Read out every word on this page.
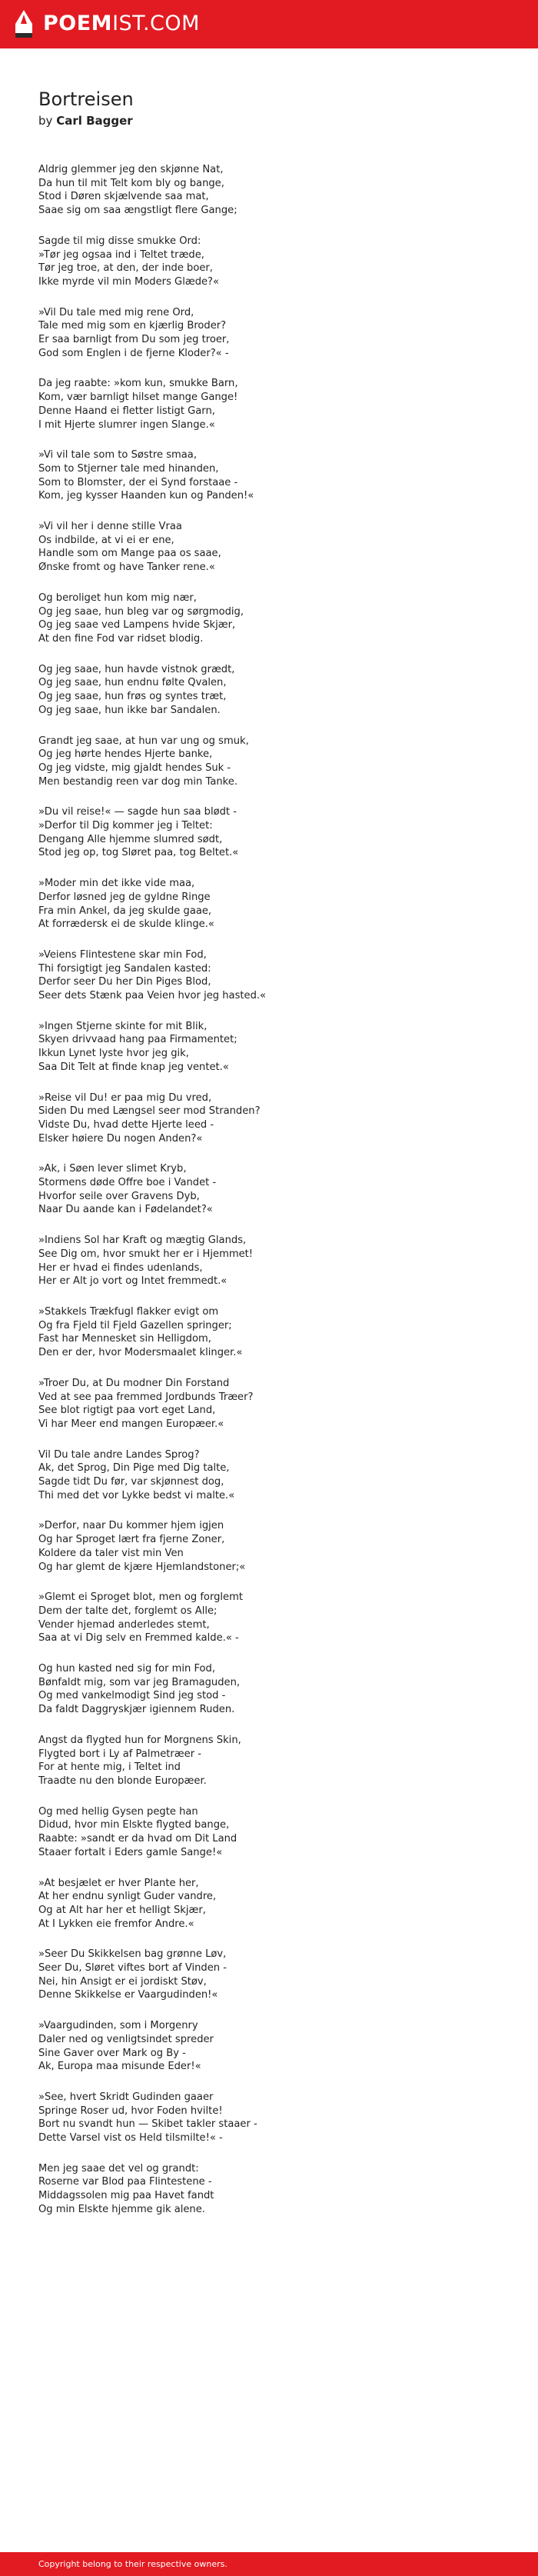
POEMIST.COM
Bortreisen
by Carl Bagger
Aldrig glemmer jeg den skjønne Nat,
Da hun til mit Telt kom bly og bange,
Stod i Døren skjælvende saa mat,
Saae sig om saa ængstligt flere Gange;
Sagde til mig disse smukke Ord:
»Tør jeg ogsaa ind i Teltet træde,
Tør jeg troe, at den, der inde boer,
Ikke myrde vil min Moders Glæde?«
»Vil Du tale med mig rene Ord,
Tale med mig som en kjærlig Broder?
Er saa barnligt from Du som jeg troer,
God som Englen i de fjerne Kloder?« -
Da jeg raabte: »kom kun, smukke Barn,
Kom, vær barnligt hilset mange Gange!
Denne Haand ei fletter listigt Garn,
I mit Hjerte slumrer ingen Slange.«
»Vi vil tale som to Søstre smaa,
Som to Stjerner tale med hinanden,
Som to Blomster, der ei Synd forstaae -
Kom, jeg kysser Haanden kun og Panden!«
»Vi vil her i denne stille Vraa
Os indbilde, at vi ei er ene,
Handle som om Mange paa os saae,
Ønske fromt og have Tanker rene.«
Og beroliget hun kom mig nær,
Og jeg saae, hun bleg var og sørgmodig,
Og jeg saae ved Lampens hvide Skjær,
At den fine Fod var ridset blodig.
Og jeg saae, hun havde vistnok grædt,
Og jeg saae, hun endnu følte Qvalen,
Og jeg saae, hun frøs og syntes træt,
Og jeg saae, hun ikke bar Sandalen.
Grandt jeg saae, at hun var ung og smuk,
Og jeg hørte hendes Hjerte banke,
Og jeg vidste, mig gjaldt hendes Suk -
Men bestandig reen var dog min Tanke.
»Du vil reise!« — sagde hun saa blødt -
»Derfor til Dig kommer jeg i Teltet:
Dengang Alle hjemme slumred sødt,
Stod jeg op, tog Sløret paa, tog Beltet.«
»Moder min det ikke vide maa,
Derfor løsned jeg de gyldne Ringe
Fra min Ankel, da jeg skulde gaae,
At forrædersk ei de skulde klinge.«
»Veiens Flintestene skar min Fod,
Thi forsigtigt jeg Sandalen kasted:
Derfor seer Du her Din Piges Blod,
Seer dets Stænk paa Veien hvor jeg hasted.«
»Ingen Stjerne skinte for mit Blik,
Skyen drivvaad hang paa Firmamentet;
Ikkun Lynet lyste hvor jeg gik,
Saa Dit Telt at finde knap jeg ventet.«
»Reise vil Du! er paa mig Du vred,
Siden Du med Længsel seer mod Stranden?
Vidste Du, hvad dette Hjerte leed -
Elsker høiere Du nogen Anden?«
»Ak, i Søen lever slimet Kryb,
Stormens døde Offre boe i Vandet -
Hvorfor seile over Gravens Dyb,
Naar Du aande kan i Fødelandet?«
»Indiens Sol har Kraft og mægtig Glands,
See Dig om, hvor smukt her er i Hjemmet!
Her er hvad ei findes udenlands,
Her er Alt jo vort og Intet fremmedt.«
»Stakkels Trækfugl flakker evigt om
Og fra Fjeld til Fjeld Gazellen springer;
Fast har Mennesket sin Helligdom,
Den er der, hvor Modersmaalet klinger.«
»Troer Du, at Du modner Din Forstand
Ved at see paa fremmed Jordbunds Træer?
See blot rigtigt paa vort eget Land,
Vi har Meer end mangen Europæer.«
Vil Du tale andre Landes Sprog?
Ak, det Sprog, Din Pige med Dig talte,
Sagde tidt Du før, var skjønnest dog,
Thi med det vor Lykke bedst vi malte.«
»Derfor, naar Du kommer hjem igjen
Og har Sproget lært fra fjerne Zoner,
Koldere da taler vist min Ven
Og har glemt de kjære Hjemlandstoner;«
»Glemt ei Sproget blot, men og forglemt
Dem der talte det, forglemt os Alle;
Vender hjemad anderledes stemt,
Saa at vi Dig selv en Fremmed kalde.« -
Og hun kasted ned sig for min Fod,
Bønfaldt mig, som var jeg Bramaguden,
Og med vankelmodigt Sind jeg stod -
Da faldt Daggryskjær igiennem Ruden.
Angst da flygted hun for Morgnens Skin,
Flygted bort i Ly af Palmetræer -
For at hente mig, i Teltet ind
Traadte nu den blonde Europæer.
Og med hellig Gysen pegte han
Didud, hvor min Elskte flygted bange,
Raabte: »sandt er da hvad om Dit Land
Staaer fortalt i Eders gamle Sange!«
»At besjælet er hver Plante her,
At her endnu synligt Guder vandre,
Og at Alt har her et helligt Skjær,
At I Lykken eie fremfor Andre.«
»Seer Du Skikkelsen bag grønne Løv,
Seer Du, Sløret viftes bort af Vinden -
Nei, hin Ansigt er ei jordiskt Støv,
Denne Skikkelse er Vaargudinden!«
»Vaargudinden, som i Morgenry
Daler ned og venligtsindet spreder
Sine Gaver over Mark og By -
Ak, Europa maa misunde Eder!«
»See, hvert Skridt Gudinden gaaer
Springe Roser ud, hvor Foden hvilte!
Bort nu svandt hun — Skibet takler staaer -
Dette Varsel vist os Held tilsmilte!« -
Men jeg saae det vel og grandt:
Roserne var Blod paa Flintestene -
Middagssolen mig paa Havet fandt
Og min Elskte hjemme gik alene.
Copyright belong to their respective owners.
